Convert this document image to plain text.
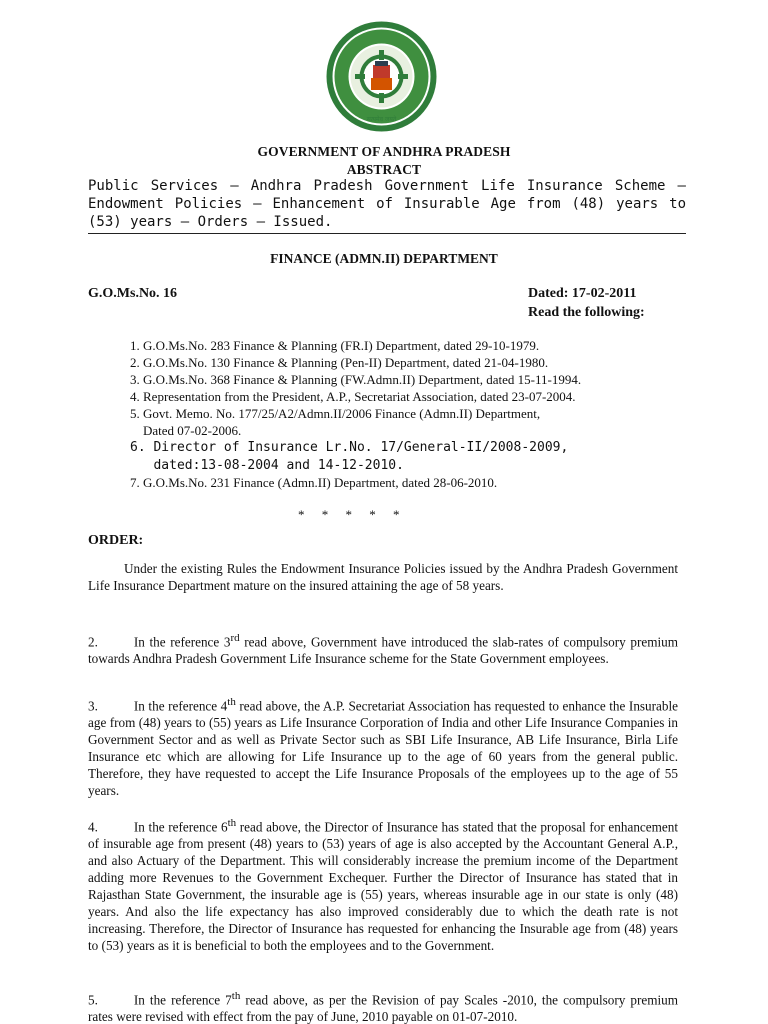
सत्यमेव जयते
GOVERNMENT OF ANDHRA PRADESH
ABSTRACT
Public Services – Andhra Pradesh Government Life Insurance Scheme – Endowment Policies – Enhancement of Insurable Age from (48) years to (53) years – Orders – Issued.
FINANCE (ADMN.II) DEPARTMENT
G.O.Ms.No. 16	Dated: 17-02-2011
Read the following:
1. G.O.Ms.No. 283 Finance & Planning (FR.I) Department, dated 29-10-1979.
2. G.O.Ms.No. 130 Finance & Planning (Pen-II) Department, dated 21-04-1980.
3. G.O.Ms.No. 368 Finance & Planning (FW.Admn.II) Department, dated 15-11-1994.
4. Representation from the President, A.P., Secretariat Association, dated 23-07-2004.
5. Govt. Memo. No. 177/25/A2/Admn.II/2006 Finance (Admn.II) Department,
Dated 07-02-2006.
6. Director of Insurance Lr.No. 17/General-II/2008-2009,
dated:13-08-2004 and 14-12-2010.
7. G.O.Ms.No. 231 Finance (Admn.II) Department, dated 28-06-2010.
* * * * *
ORDER:

Under the existing Rules the Endowment Insurance Policies issued by the Andhra Pradesh Government Life Insurance Department mature on the insured attaining the age of 58 years.

2.	In the reference 3rd read above, Government have introduced the slab-rates of compulsory premium towards Andhra Pradesh Government Life Insurance scheme for the State Government employees.

3.	In the reference 4th read above, the A.P. Secretariat Association has requested to enhance the Insurable age from (48) years to (55) years as Life Insurance Corporation of India and other Life Insurance Companies in Government Sector and as well as Private Sector such as SBI Life Insurance, AB Life Insurance, Birla Life Insurance etc which are allowing for Life Insurance up to the age of 60 years from the general public. Therefore, they have requested to accept the Life Insurance Proposals of the employees up to the age of 55 years.

4.	In the reference 6th read above, the Director of Insurance has stated that the proposal for enhancement of insurable age from present (48) years to (53) years of age is also accepted by the Accountant General A.P., and also Actuary of the Department. This will considerably increase the premium income of the Department adding more Revenues to the Government Exchequer. Further the Director of Insurance has stated that in Rajasthan State Government, the insurable age is (55) years, whereas insurable age in our state is only (48) years. And also the life expectancy has also improved considerably due to which the death rate is not increasing. Therefore, the Director of Insurance has requested for enhancing the Insurable age from (48) years to (53) years as it is beneficial to both the employees and to the Government.

5.	In the reference 7th read above, as per the Revision of pay Scales -2010, the compulsory premium rates were revised with effect from the pay of June, 2010 payable on 01-07-2010.
